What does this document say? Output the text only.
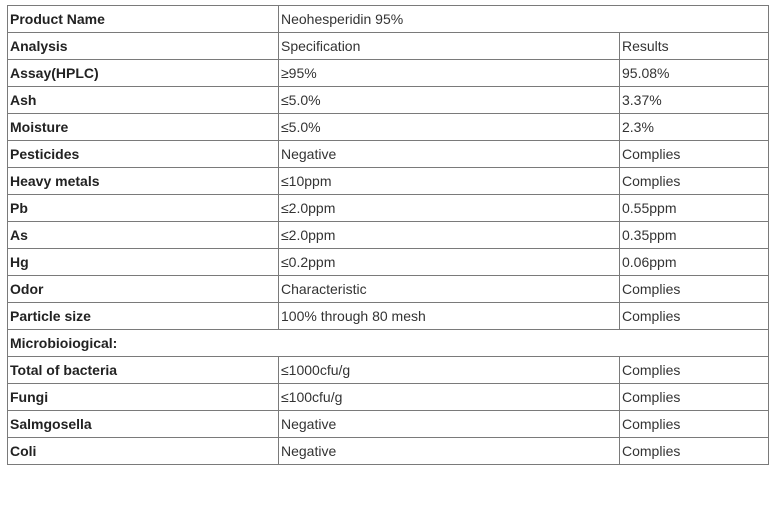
Product Name	Neohesperidin 95%	
Analysis	Specification	Results
Assay(HPLC)	≥95%	95.08%
Ash	≤5.0%	3.37%
Moisture	≤5.0%	2.3%
Pesticides	Negative	Complies
Heavy metals	≤10ppm	Complies
Pb	≤2.0ppm	0.55ppm
As	≤2.0ppm	0.35ppm
Hg	≤0.2ppm	0.06ppm
Odor	Characteristic	Complies
Particle size	100% through 80 mesh	Complies
Microbioiogical:		
Total of bacteria	≤1000cfu/g	Complies
Fungi	≤100cfu/g	Complies
Salmgosella	Negative	Complies
Coli	Negative	Complies
